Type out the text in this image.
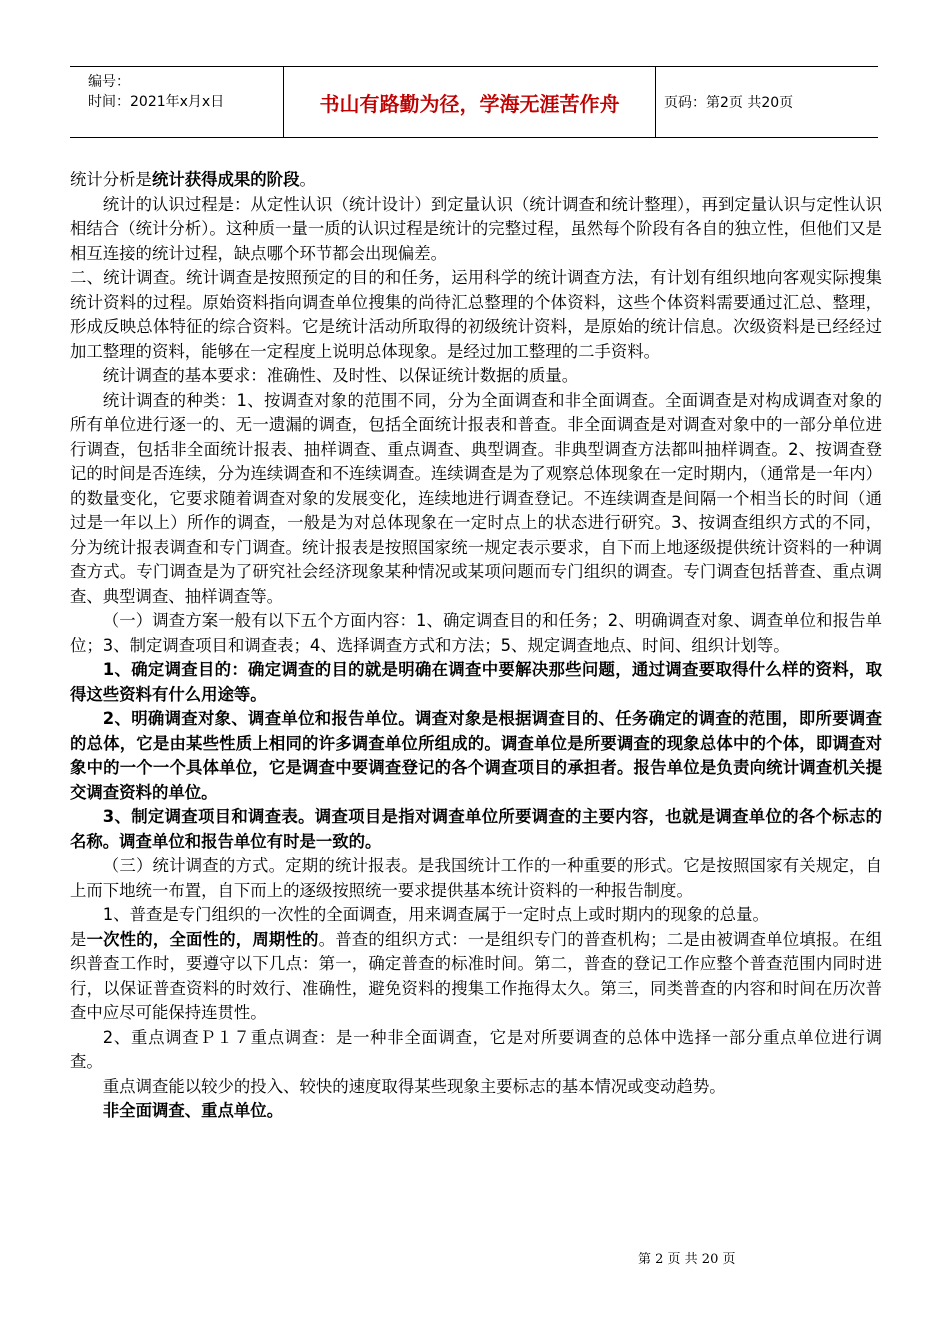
编号：
时间：2021年x月x日	书山有路勤为径，学海无涯苦作舟	页码：第2页 共20页

统计分析是统计获得成果的阶段。

统计的认识过程是：从定性认识（统计设计）到定量认识（统计调查和统计整理），再到定量认识与定性认识相结合（统计分析）。这种质一量一质的认识过程是统计的完整过程，虽然每个阶段有各自的独立性，但他们又是相互连接的统计过程，缺点哪个环节都会出现偏差。

二、统计调查。统计调查是按照预定的目的和任务，运用科学的统计调查方法，有计划有组织地向客观实际搜集统计资料的过程。原始资料指向调查单位搜集的尚待汇总整理的个体资料，这些个体资料需要通过汇总、整理，形成反映总体特征的综合资料。它是统计活动所取得的初级统计资料，是原始的统计信息。次级资料是已经经过加工整理的资料，能够在一定程度上说明总体现象。是经过加工整理的二手资料。

统计调查的基本要求：准确性、及时性、以保证统计数据的质量。

统计调查的种类：1、按调查对象的范围不同，分为全面调查和非全面调查。全面调查是对构成调查对象的所有单位进行逐一的、无一遗漏的调查，包括全面统计报表和普查。非全面调查是对调查对象中的一部分单位进行调查，包括非全面统计报表、抽样调查、重点调查、典型调查。非典型调查方法都叫抽样调查。2、按调查登记的时间是否连续，分为连续调查和不连续调查。连续调查是为了观察总体现象在一定时期内，（通常是一年内）的数量变化，它要求随着调查对象的发展变化，连续地进行调查登记。不连续调查是间隔一个相当长的时间（通过是一年以上）所作的调查，一般是为对总体现象在一定时点上的状态进行研究。3、按调查组织方式的不同，分为统计报表调查和专门调查。统计报表是按照国家统一规定表示要求，自下而上地逐级提供统计资料的一种调查方式。专门调查是为了研究社会经济现象某种情况或某项问题而专门组织的调查。专门调查包括普查、重点调查、典型调查、抽样调查等。

（一）调查方案一般有以下五个方面内容：1、确定调查目的和任务；2、明确调查对象、调查单位和报告单位；3、制定调查项目和调查表；4、选择调查方式和方法；5、规定调查地点、时间、组织计划等。

1、确定调查目的：确定调查的目的就是明确在调查中要解决那些问题，通过调查要取得什么样的资料，取得这些资料有什么用途等。

2、明确调查对象、调查单位和报告单位。调查对象是根据调查目的、任务确定的调查的范围，即所要调查的总体，它是由某些性质上相同的许多调查单位所组成的。调查单位是所要调查的现象总体中的个体，即调查对象中的一个一个具体单位，它是调查中要调查登记的各个调查项目的承担者。报告单位是负责向统计调查机关提交调查资料的单位。

3、制定调查项目和调查表。调查项目是指对调查单位所要调查的主要内容，也就是调查单位的各个标志的名称。调查单位和报告单位有时是一致的。

（三）统计调查的方式。定期的统计报表。是我国统计工作的一种重要的形式。它是按照国家有关规定，自上而下地统一布置，自下而上的逐级按照统一要求提供基本统计资料的一种报告制度。

1、普查是专门组织的一次性的全面调查，用来调查属于一定时点上或时期内的现象的总量。

是一次性的，全面性的，周期性的。普查的组织方式：一是组织专门的普查机构；二是由被调查单位填报。在组织普查工作时，要遵守以下几点：第一，确定普查的标准时间。第二，普查的登记工作应整个普查范围内同时进行，以保证普查资料的时效行、准确性，避免资料的搜集工作拖得太久。第三，同类普查的内容和时间在历次普查中应尽可能保持连贯性。

2、重点调查Ｐ１７重点调查：是一种非全面调查，它是对所要调查的总体中选择一部分重点单位进行调查。

重点调查能以较少的投入、较快的速度取得某些现象主要标志的基本情况或变动趋势。

非全面调查、重点单位。

第 2 页 共 20 页
